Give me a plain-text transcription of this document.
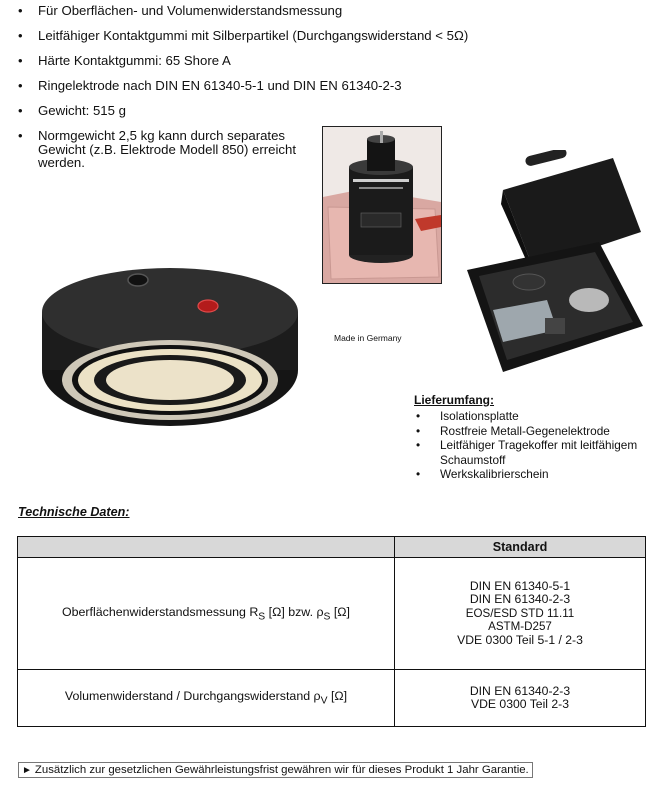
• Für Oberflächen- und Volumenwiderstandsmessung
• Leitfähiger Kontaktgummi mit Silberpartikel (Durchgangswiderstand < 5Ω)
• Härte Kontaktgummi: 65 Shore A
• Ringelektrode nach DIN EN 61340-5-1 und DIN EN 61340-2-3
• Gewicht: 515 g
• Normgewicht 2,5 kg kann durch separates Gewicht (z.B. Elektrode Modell 850) erreicht werden.
Made in Germany
Lieferumfang:
• Isolationsplatte
• Rostfreie Metall-Gegenelektrode
• Leitfähiger Tragekoffer mit leitfähigem Schaumstoff
• Werkskalibrierschein
Technische Daten:
	Standard
Oberflächenwiderstandsmessung $R_S$ [Ω] bzw. $\rho_S$ [Ω]	DIN EN 61340-5-1
DIN EN 61340-2-3
EOS/ESD STD 11.11
ASTM-D257
VDE 0300 Teil 5-1 / 2-3

Volumenwiderstand / Durchgangswiderstand $\rho_V$ [Ω]	DIN EN 61340-2-3
VDE 0300 Teil 2-3
► Zusätzlich zur gesetzlichen Gewährleistungsfrist gewähren wir für dieses Produkt 1 Jahr Garantie.
